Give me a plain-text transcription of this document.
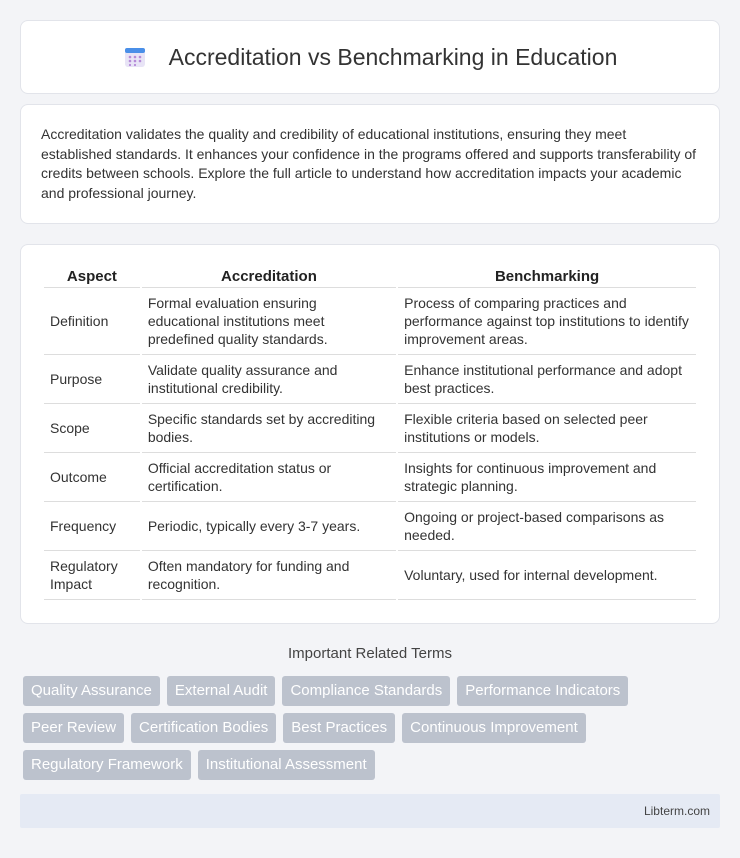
Accreditation vs Benchmarking in Education

Accreditation validates the quality and credibility of educational institutions, ensuring they meet established standards. It enhances your confidence in the programs offered and supports transferability of credits between schools. Explore the full article to understand how accreditation impacts your academic and professional journey.

Aspect	Accreditation	Benchmarking
Definition	Formal evaluation ensuring educational institutions meet predefined quality standards.	Process of comparing practices and performance against top institutions to identify improvement areas.
Purpose	Validate quality assurance and institutional credibility.	Enhance institutional performance and adopt best practices.
Scope	Specific standards set by accrediting bodies.	Flexible criteria based on selected peer institutions or models.
Outcome	Official accreditation status or certification.	Insights for continuous improvement and strategic planning.
Frequency	Periodic, typically every 3-7 years.	Ongoing or project-based comparisons as needed.
Regulatory Impact	Often mandatory for funding and recognition.	Voluntary, used for internal development.
Important Related Terms
Quality Assurance	External Audit	Compliance Standards	Performance Indicators
Peer Review	Certification Bodies	Best Practices	Continuous Improvement
Regulatory Framework	Institutional Assessment
Libterm.com
